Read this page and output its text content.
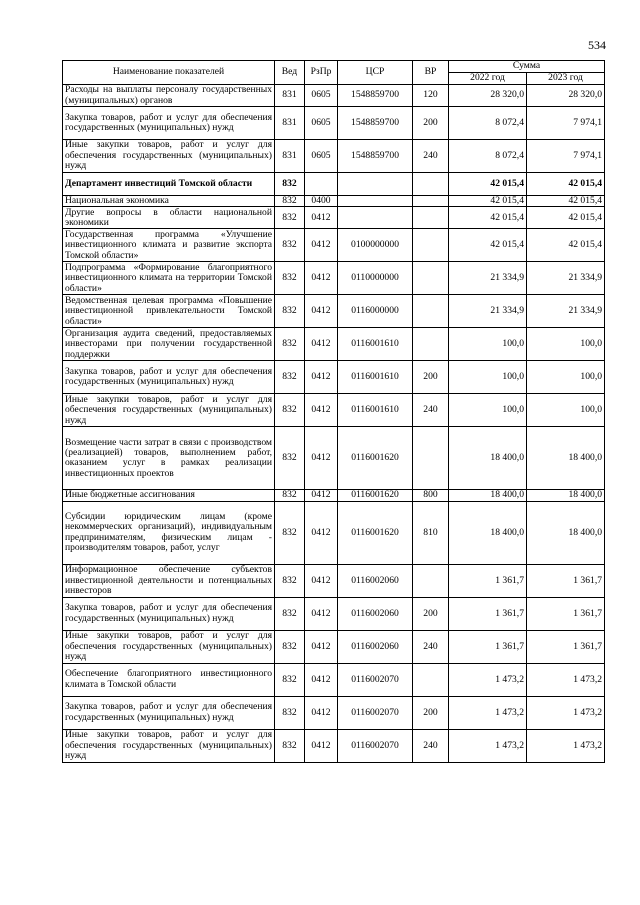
534
Наименование показателей	Вед	РзПр	ЦСР	ВР	Сумма	
					2022 год	2023 год
Расходы на выплаты персоналу государственных (муниципальных) органов	831	0605	1548859700	120	28 320,0	28 320,0
Закупка товаров, работ и услуг для обеспечения государственных (муниципальных) нужд	831	0605	1548859700	200	8 072,4	7 974,1
Иные закупки товаров, работ и услуг для обеспечения государственных (муниципальных) нужд	831	0605	1548859700	240	8 072,4	7 974,1
Департамент инвестиций Томской области	832				42 015,4	42 015,4
Национальная экономика	832	0400			42 015,4	42 015,4
Другие вопросы в области национальной экономики	832	0412			42 015,4	42 015,4
Государственная программа «Улучшение инвестиционного климата и развитие экспорта Томской области»	832	0412	0100000000		42 015,4	42 015,4
Подпрограмма «Формирование благоприятного инвестиционного климата на территории Томской области»	832	0412	0110000000		21 334,9	21 334,9
Ведомственная целевая программа «Повышение инвестиционной привлекательности Томской области»	832	0412	0116000000		21 334,9	21 334,9
Организация аудита сведений, предоставляемых инвесторами при получении государственной поддержки	832	0412	0116001610		100,0	100,0
Закупка товаров, работ и услуг для обеспечения государственных (муниципальных) нужд	832	0412	0116001610	200	100,0	100,0
Иные закупки товаров, работ и услуг для обеспечения государственных (муниципальных) нужд	832	0412	0116001610	240	100,0	100,0
Возмещение части затрат в связи с производством (реализацией) товаров, выполнением работ, оказанием услуг в рамках реализации инвестиционных проектов	832	0412	0116001620		18 400,0	18 400,0
Иные бюджетные ассигнования	832	0412	0116001620	800	18 400,0	18 400,0
Субсидии юридическим лицам (кроме некоммерческих организаций), индивидуальным предпринимателям, физическим лицам - производителям товаров, работ, услуг	832	0412	0116001620	810	18 400,0	18 400,0
Информационное обеспечение субъектов инвестиционной деятельности и потенциальных инвесторов	832	0412	0116002060		1 361,7	1 361,7
Закупка товаров, работ и услуг для обеспечения государственных (муниципальных) нужд	832	0412	0116002060	200	1 361,7	1 361,7
Иные закупки товаров, работ и услуг для обеспечения государственных (муниципальных) нужд	832	0412	0116002060	240	1 361,7	1 361,7
Обеспечение благоприятного инвестиционного климата в Томской области	832	0412	0116002070		1 473,2	1 473,2
Закупка товаров, работ и услуг для обеспечения государственных (муниципальных) нужд	832	0412	0116002070	200	1 473,2	1 473,2
Иные закупки товаров, работ и услуг для обеспечения государственных (муниципальных) нужд	832	0412	0116002070	240	1 473,2	1 473,2
